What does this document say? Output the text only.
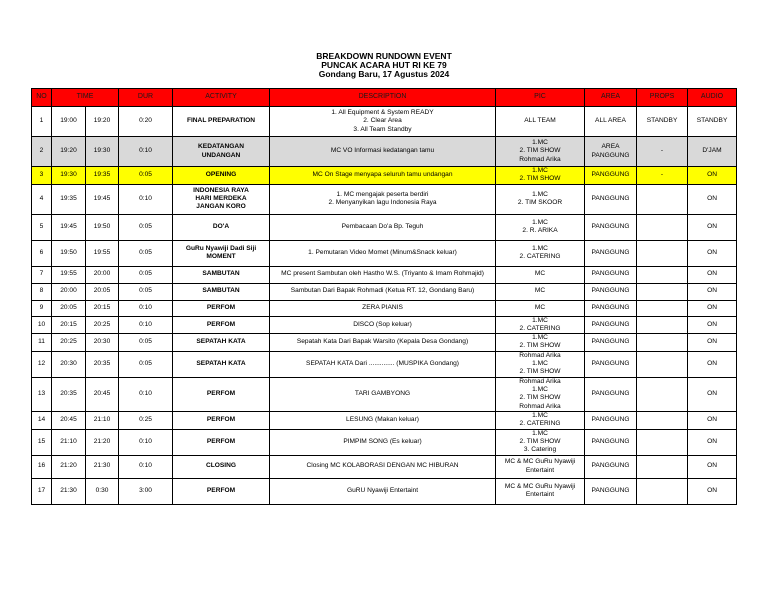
BREAKDOWN RUNDOWN EVENT
PUNCAK ACARA HUT RI KE 79
Gondang Baru, 17 Agustus 2024
NO	TIME		DUR	ACTIVITY	DESCRIPTION	PIC	AREA	PROPS	AUDIO
1	19:00	19:20	0:20	FINAL PREPARATION	1. All Equipment & System READY
2. Clear Area
3. All Team Standby	ALL TEAM	ALL AREA	STANDBY	STANDBY
2	19:20	19:30	0:10	KEDATANGAN
UNDANGAN	MC VO Informasi kedatangan tamu	1.MC
2. TIM SHOW
Rohmad Arika	AREA PANGGUNG	-	D'JAM
3	19:30	19:35	0:05	OPENING	MC On Stage menyapa seluruh tamu undangan	1.MC
2. TIM SHOW	PANGGUNG	-	ON
4	19:35	19:45	0:10	INDONESIA RAYA
HARI MERDEKA
JANGAN KORO	1. MC mengajak peserta berdiri
2. Menyanyikan lagu Indonesia Raya	1.MC
2. TIM SKOOR	PANGGUNG		ON
5	19:45	19:50	0:05	DO'A	Pembacaan Do'a Bp. Teguh	1.MC
2. R. ARIKA	PANGGUNG		ON
6	19:50	19:55	0:05	GuRu Nyawiji Dadi Siji
MOMENT	1. Pemutaran Video Momet (Minum&Snack keluar)	1.MC
2. CATERING	PANGGUNG		ON
7	19:55	20:00	0:05	SAMBUTAN	MC present Sambutan oleh Hastho W.S. (Triyanto & Imam Rohmajid)	MC	PANGGUNG		ON
8	20:00	20:05	0:05	SAMBUTAN	Sambutan Dari Bapak Rohmadi (Ketua RT. 12, Gondang Baru)	MC	PANGGUNG		ON
9	20:05	20:15	0:10	PERFOM	ZERA PIANIS	MC	PANGGUNG		ON
10	20:15	20:25	0:10	PERFOM	DISCO (Sop keluar)	1.MC
2. CATERING	PANGGUNG		ON
11	20:25	20:30	0:05	SEPATAH KATA	Sepatah Kata Dari Bapak Warsito (Kepala Desa Gondang)	1.MC
2. TIM SHOW	PANGGUNG		ON
12	20:30	20:35	0:05	SEPATAH KATA	SEPATAH KATA Dari .............. (MUSPIKA Gondang)	Rohmad Arika
1.MC
2. TIM SHOW	PANGGUNG		ON
13	20:35	20:45	0:10	PERFOM	TARI GAMBYONG	Rohmad Arika
1.MC
2. TIM SHOW
Rohmad Arika	PANGGUNG		ON
14	20:45	21:10	0:25	PERFOM	LESUNG (Makan keluar)	1.MC
2. CATERING	PANGGUNG		ON
15	21:10	21:20	0:10	PERFOM	PIMPIM SONG (Es keluar)	1.MC
2. TIM SHOW
3. Catering	PANGGUNG		ON
16	21:20	21:30	0:10	CLOSING	Closing MC KOLABORASI DENGAN MC HIBURAN	MC & MC GuRu Nyawiji
Entertaint	PANGGUNG		ON
17	21:30	0:30	3:00	PERFOM	GuRU Nyawiji Entertaint	MC & MC GuRu Nyawiji
Entertaint	PANGGUNG		ON
